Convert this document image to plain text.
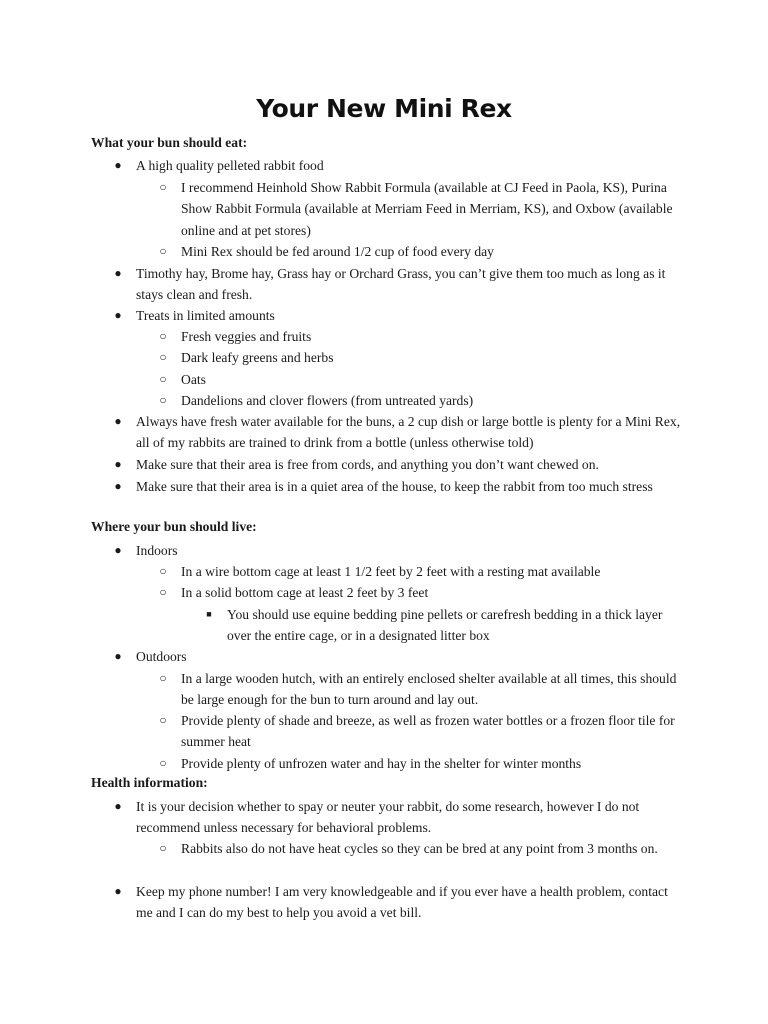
Your New Mini Rex
What your bun should eat:
●	A high quality pelleted rabbit food
○	I recommend Heinhold Show Rabbit Formula (available at CJ Feed in Paola, KS), Purina Show Rabbit Formula (available at Merriam Feed in Merriam, KS), and Oxbow (available online and at pet stores)
○	Mini Rex should be fed around 1/2 cup of food every day
●	Timothy hay, Brome hay, Grass hay or Orchard Grass, you can’t give them too much as long as it stays clean and fresh.
●	Treats in limited amounts
○	Fresh veggies and fruits
○	Dark leafy greens and herbs
○	Oats
○	Dandelions and clover flowers (from untreated yards)
●	Always have fresh water available for the buns, a 2 cup dish or large bottle is plenty for a Mini Rex, all of my rabbits are trained to drink from a bottle (unless otherwise told)
●	Make sure that their area is free from cords, and anything you don’t want chewed on.
●	Make sure that their area is in a quiet area of the house, to keep the rabbit from too much stress
Where your bun should live:
●	Indoors
○	In a wire bottom cage at least 1 1/2 feet by 2 feet with a resting mat available
○	In a solid bottom cage at least 2 feet by 3 feet
■	You should use equine bedding pine pellets or carefresh bedding in a thick layer over the entire cage, or in a designated litter box
●	Outdoors
○	In a large wooden hutch, with an entirely enclosed shelter available at all times, this should be large enough for the bun to turn around and lay out.
○	Provide plenty of shade and breeze, as well as frozen water bottles or a frozen floor tile for summer heat
○	Provide plenty of unfrozen water and hay in the shelter for winter months
Health information:
●	It is your decision whether to spay or neuter your rabbit, do some research, however I do not recommend unless necessary for behavioral problems.
○	Rabbits also do not have heat cycles so they can be bred at any point from 3 months on.
●	Keep my phone number! I am very knowledgeable and if you ever have a health problem, contact me and I can do my best to help you avoid a vet bill.
